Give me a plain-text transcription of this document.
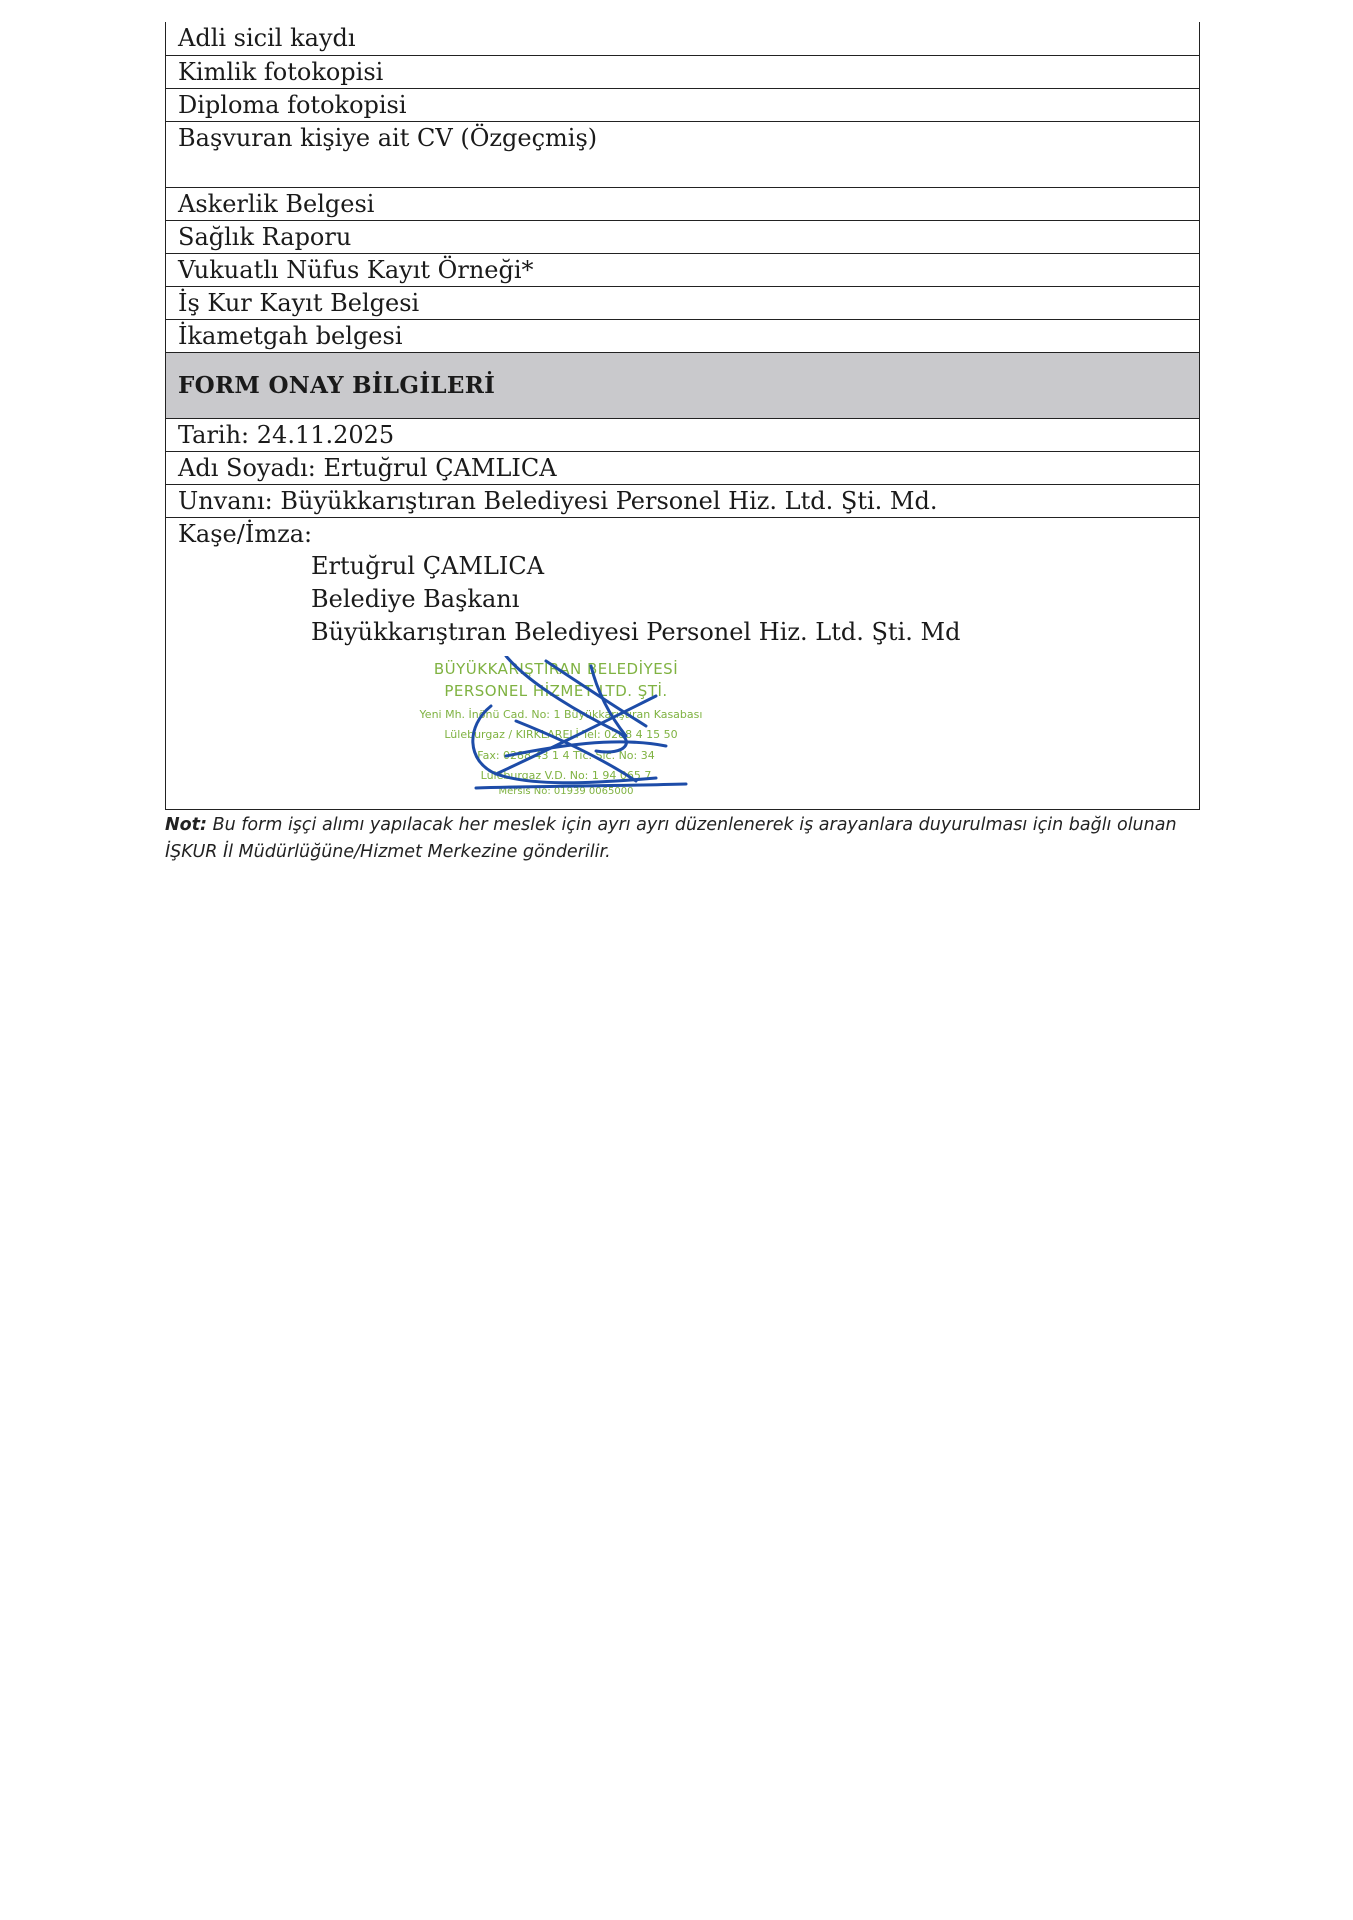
Adli sicil kaydı
Kimlik fotokopisi
Diploma fotokopisi
Başvuran kişiye ait CV (Özgeçmiş)
Askerlik Belgesi
Sağlık Raporu
Vukuatlı Nüfus Kayıt Örneği*
İş Kur Kayıt Belgesi
İkametgah belgesi
FORM ONAY BİLGİLERİ
Tarih: 24.11.2025
Adı Soyadı: Ertuğrul ÇAMLICA
Unvanı: Büyükkarıştıran Belediyesi Personel Hiz. Ltd. Şti. Md.
Kaşe/İmza:
Ertuğrul ÇAMLICA
Belediye Başkanı
Büyükkarıştıran Belediyesi Personel Hiz. Ltd. Şti. Md
BÜYÜKKARIŞTIRAN BELEDİYESİ
PERSONEL HİZMET LTD. ŞTİ.
Yeni Mh. İnönü Cad. No: 1 Büyükkarıştıran Kasabası
Lüleburgaz / KIRKLARELİ Tel: 0288 4 15 50
Fax: 0288 43 1 4 Tic. Sic. No: 34
Lüleburgaz V.D. No: 1 94 065 7
Mersis No: 01939 0065000
Not: Bu form işçi alımı yapılacak her meslek için ayrı ayrı düzenlenerek iş arayanlara duyurulması için bağlı olunan İŞKUR İl Müdürlüğüne/Hizmet Merkezine gönderilir.
